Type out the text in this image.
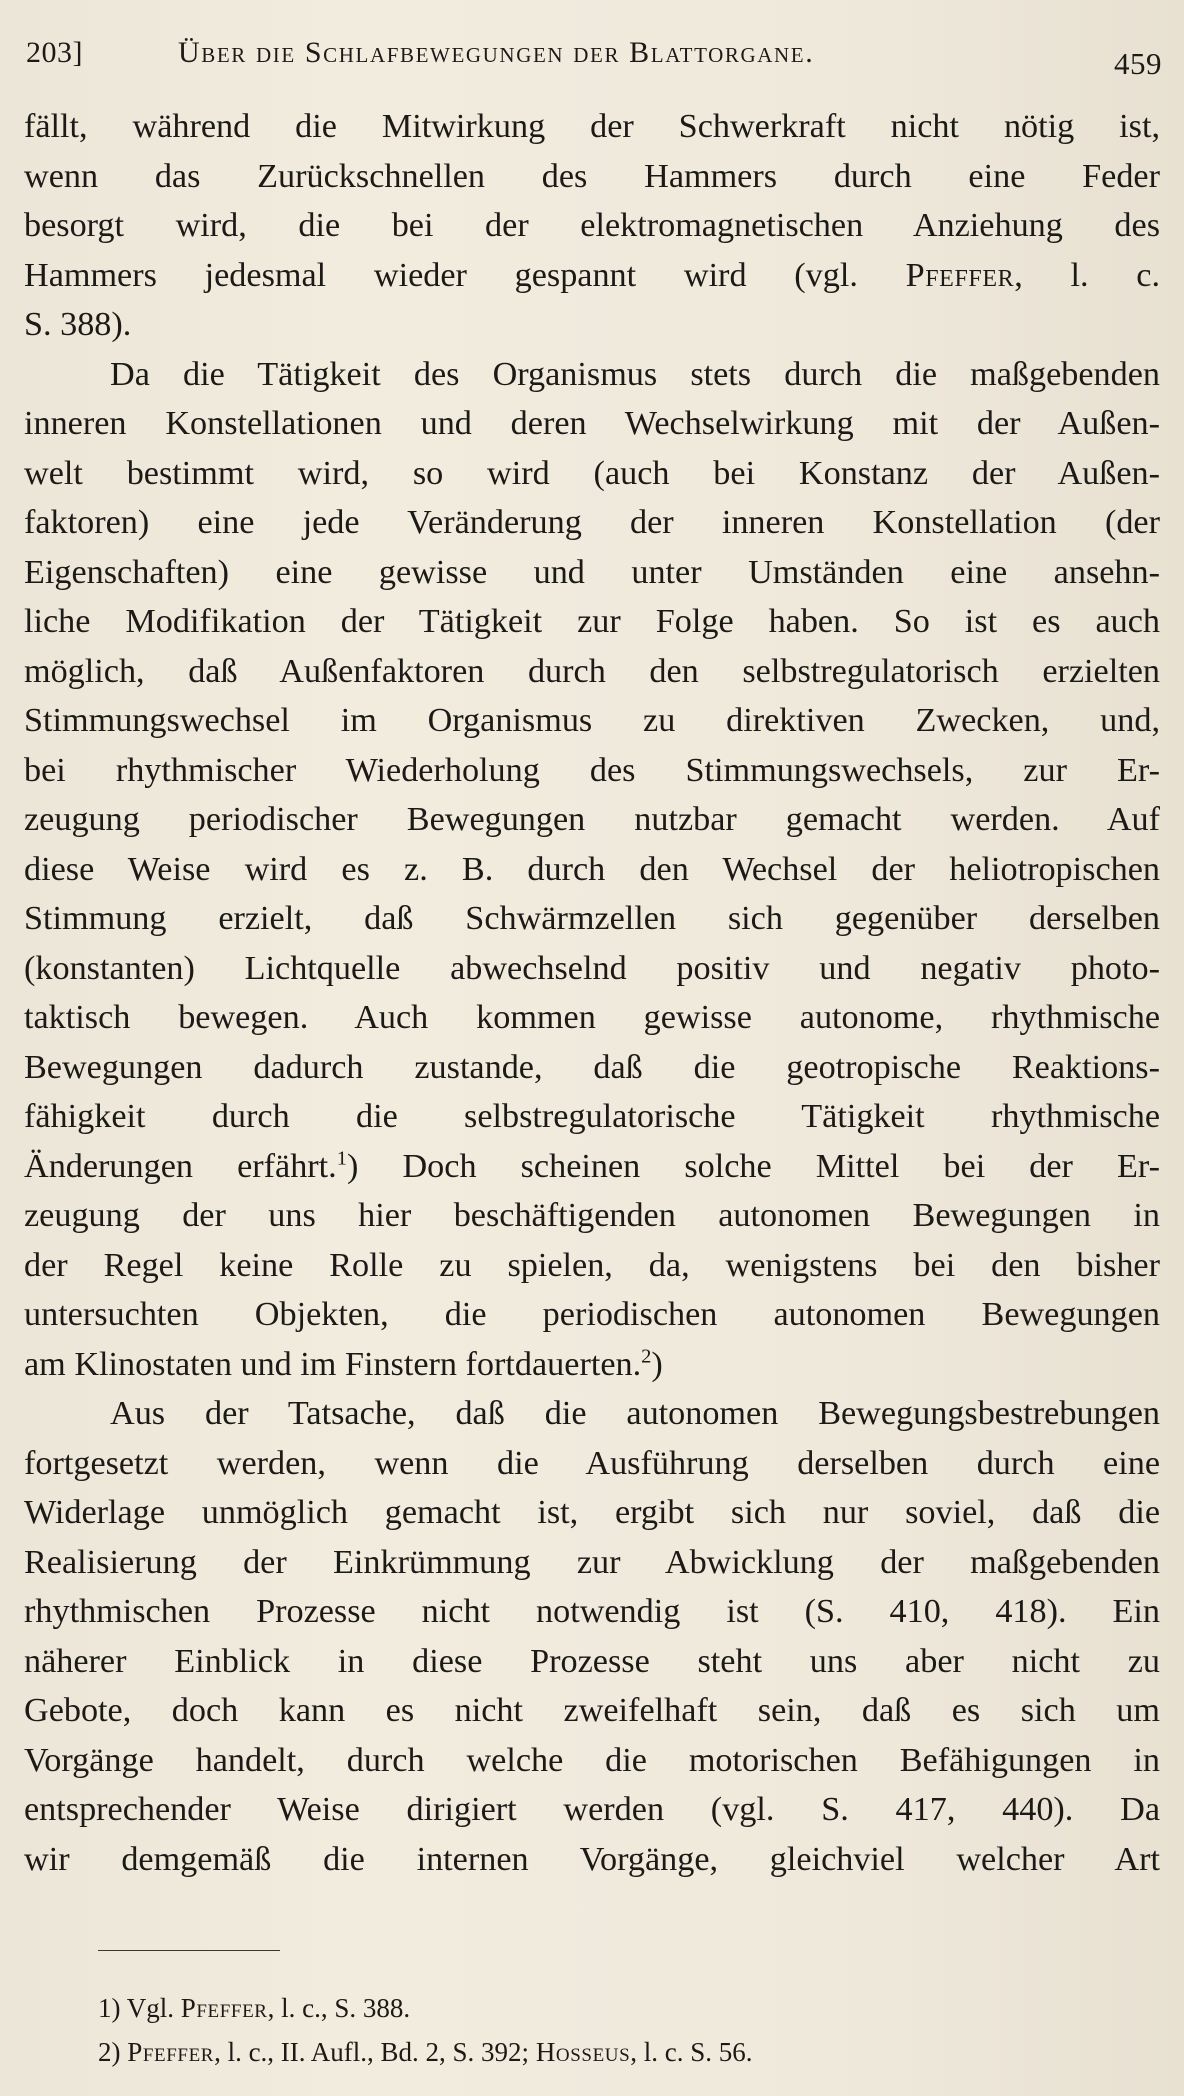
203]	Über die Schlafbewegungen der Blattorgane.	459
fällt, während die Mitwirkung der Schwerkraft nicht nötig ist,
wenn das Zurückschnellen des Hammers durch eine Feder
besorgt wird, die bei der elektromagnetischen Anziehung des
Hammers jedesmal wieder gespannt wird (vgl. Pfeffer, l. c.
S. 388).
Da die Tätigkeit des Organismus stets durch die maßgebenden
inneren Konstellationen und deren Wechselwirkung mit der Außen-
welt bestimmt wird, so wird (auch bei Konstanz der Außen-
faktoren) eine jede Veränderung der inneren Konstellation (der
Eigenschaften) eine gewisse und unter Umständen eine ansehn-
liche Modifikation der Tätigkeit zur Folge haben. So ist es auch
möglich, daß Außenfaktoren durch den selbstregulatorisch erzielten
Stimmungswechsel im Organismus zu direktiven Zwecken, und,
bei rhythmischer Wiederholung des Stimmungswechsels, zur Er-
zeugung periodischer Bewegungen nutzbar gemacht werden. Auf
diese Weise wird es z. B. durch den Wechsel der heliotropischen
Stimmung erzielt, daß Schwärmzellen sich gegenüber derselben
(konstanten) Lichtquelle abwechselnd positiv und negativ photo-
taktisch bewegen. Auch kommen gewisse autonome, rhythmische
Bewegungen dadurch zustande, daß die geotropische Reaktions-
fähigkeit durch die selbstregulatorische Tätigkeit rhythmische
Änderungen erfährt.$^1$) Doch scheinen solche Mittel bei der Er-
zeugung der uns hier beschäftigenden autonomen Bewegungen in
der Regel keine Rolle zu spielen, da, wenigstens bei den bisher
untersuchten Objekten, die periodischen autonomen Bewegungen
am Klinostaten und im Finstern fortdauerten.$^2$)
Aus der Tatsache, daß die autonomen Bewegungsbestrebungen
fortgesetzt werden, wenn die Ausführung derselben durch eine
Widerlage unmöglich gemacht ist, ergibt sich nur soviel, daß die
Realisierung der Einkrümmung zur Abwicklung der maßgebenden
rhythmischen Prozesse nicht notwendig ist (S. 410, 418). Ein
näherer Einblick in diese Prozesse steht uns aber nicht zu
Gebote, doch kann es nicht zweifelhaft sein, daß es sich um
Vorgänge handelt, durch welche die motorischen Befähigungen in
entsprechender Weise dirigiert werden (vgl. S. 417, 440). Da
wir demgemäß die internen Vorgänge, gleichviel welcher Art
1) Vgl. Pfeffer, l. c., S. 388.
2) Pfeffer, l. c., II. Aufl., Bd. 2, S. 392; Hosseus, l. c. S. 56.
